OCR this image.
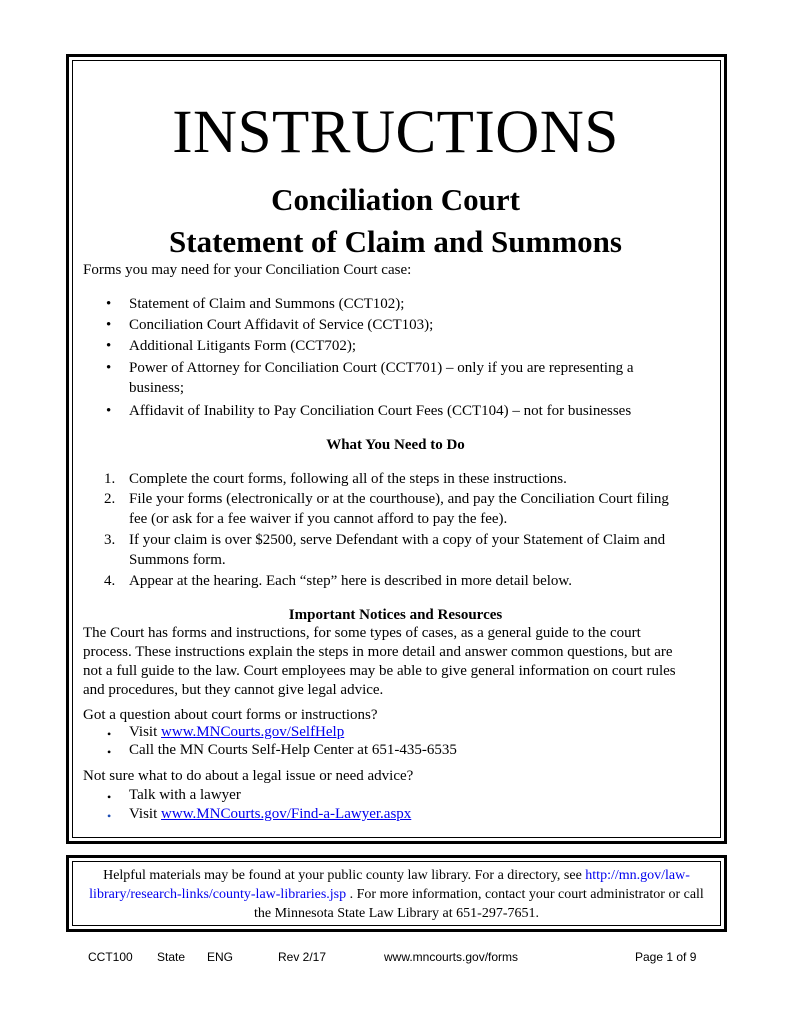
INSTRUCTIONS
Conciliation Court
Statement of Claim and Summons
Forms you may need for your Conciliation Court case:
• Statement of Claim and Summons (CCT102);
• Conciliation Court Affidavit of Service (CCT103);
• Additional Litigants Form (CCT702);
• Power of Attorney for Conciliation Court (CCT701) – only if you are representing a
business;
• Affidavit of Inability to Pay Conciliation Court Fees (CCT104) – not for businesses
What You Need to Do
1. Complete the court forms, following all of the steps in these instructions.
2. File your forms (electronically or at the courthouse), and pay the Conciliation Court filing
fee (or ask for a fee waiver if you cannot afford to pay the fee).
3. If your claim is over $2500, serve Defendant with a copy of your Statement of Claim and
Summons form.
4. Appear at the hearing. Each “step” here is described in more detail below.
Important Notices and Resources
The Court has forms and instructions, for some types of cases, as a general guide to the court
process. These instructions explain the steps in more detail and answer common questions, but are
not a full guide to the law. Court employees may be able to give general information on court rules
and procedures, but they cannot give legal advice.
Got a question about court forms or instructions?
• Visit www.MNCourts.gov/SelfHelp
• Call the MN Courts Self-Help Center at 651-435-6535
Not sure what to do about a legal issue or need advice?
• Talk with a lawyer
• Visit www.MNCourts.gov/Find-a-Lawyer.aspx
Helpful materials may be found at your public county law library. For a directory, see http://mn.gov/law-
library/research-links/county-law-libraries.jsp . For more information, contact your court administrator or call
the Minnesota State Law Library at 651-297-7651.
CCT100 State ENG	Rev 2/17	www.mncourts.gov/forms	Page 1 of 9
